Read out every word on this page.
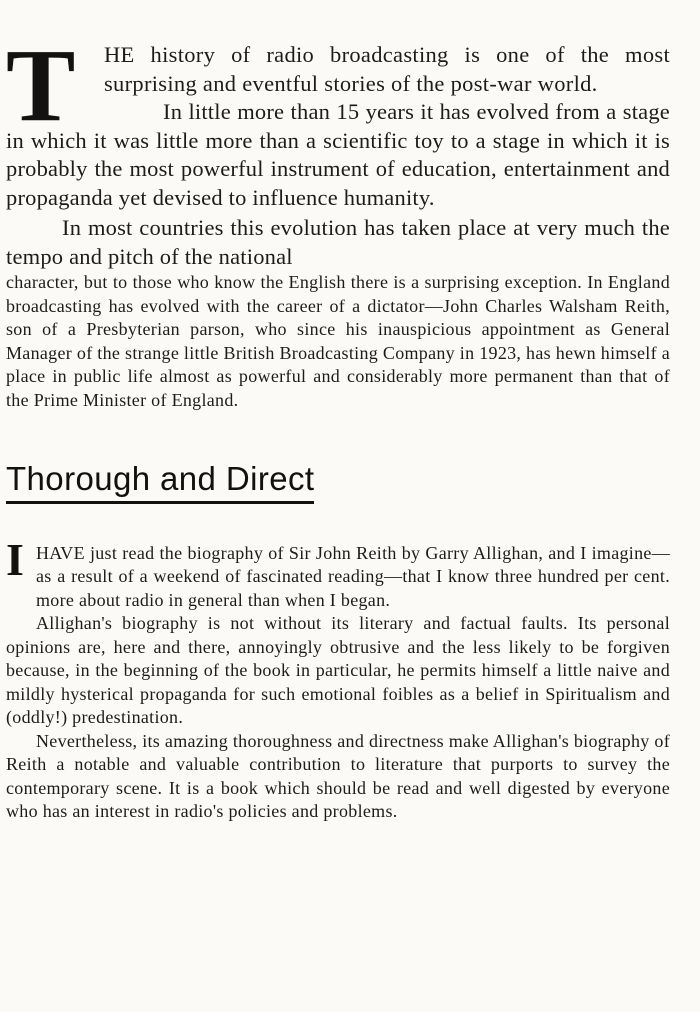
T HE history of radio broadcasting is one of the most surprising and eventful stories of the post-war world.

In little more than 15 years it has evolved from a stage in which it was little more than a scientific toy to a stage in which it is probably the most powerful instrument of education, entertainment and propaganda yet devised to influence humanity.

In most countries this evolution has taken place at very much the tempo and pitch of the national

character, but to those who know the English there is a surprising exception. In England broadcasting has evolved with the career of a dictator—John Charles Walsham Reith, son of a Presbyterian parson, who since his inauspicious appointment as General Manager of the strange little British Broadcasting Company in 1923, has hewn himself a place in public life almost as powerful and considerably more permanent than that of the Prime Minister of England.

Thorough and Direct
I HAVE just read the biography of Sir John Reith by Garry Allighan, and I imagine—as a result of a weekend of fascinated reading—that I know three hundred per cent. more about radio in general than when I began.

Allighan's biography is not without its literary and factual faults. Its personal opinions are, here and there, annoyingly obtrusive and the less likely to be forgiven because, in the beginning of the book in particular, he permits himself a little naive and mildly hysterical propaganda for such emotional foibles as a belief in Spiritualism and (oddly!) predestination.

Nevertheless, its amazing thoroughness and directness make Allighan's biography of Reith a notable and valuable contribution to literature that purports to survey the contemporary scene. It is a book which should be read and well digested by everyone who has an interest in radio's policies and problems.
